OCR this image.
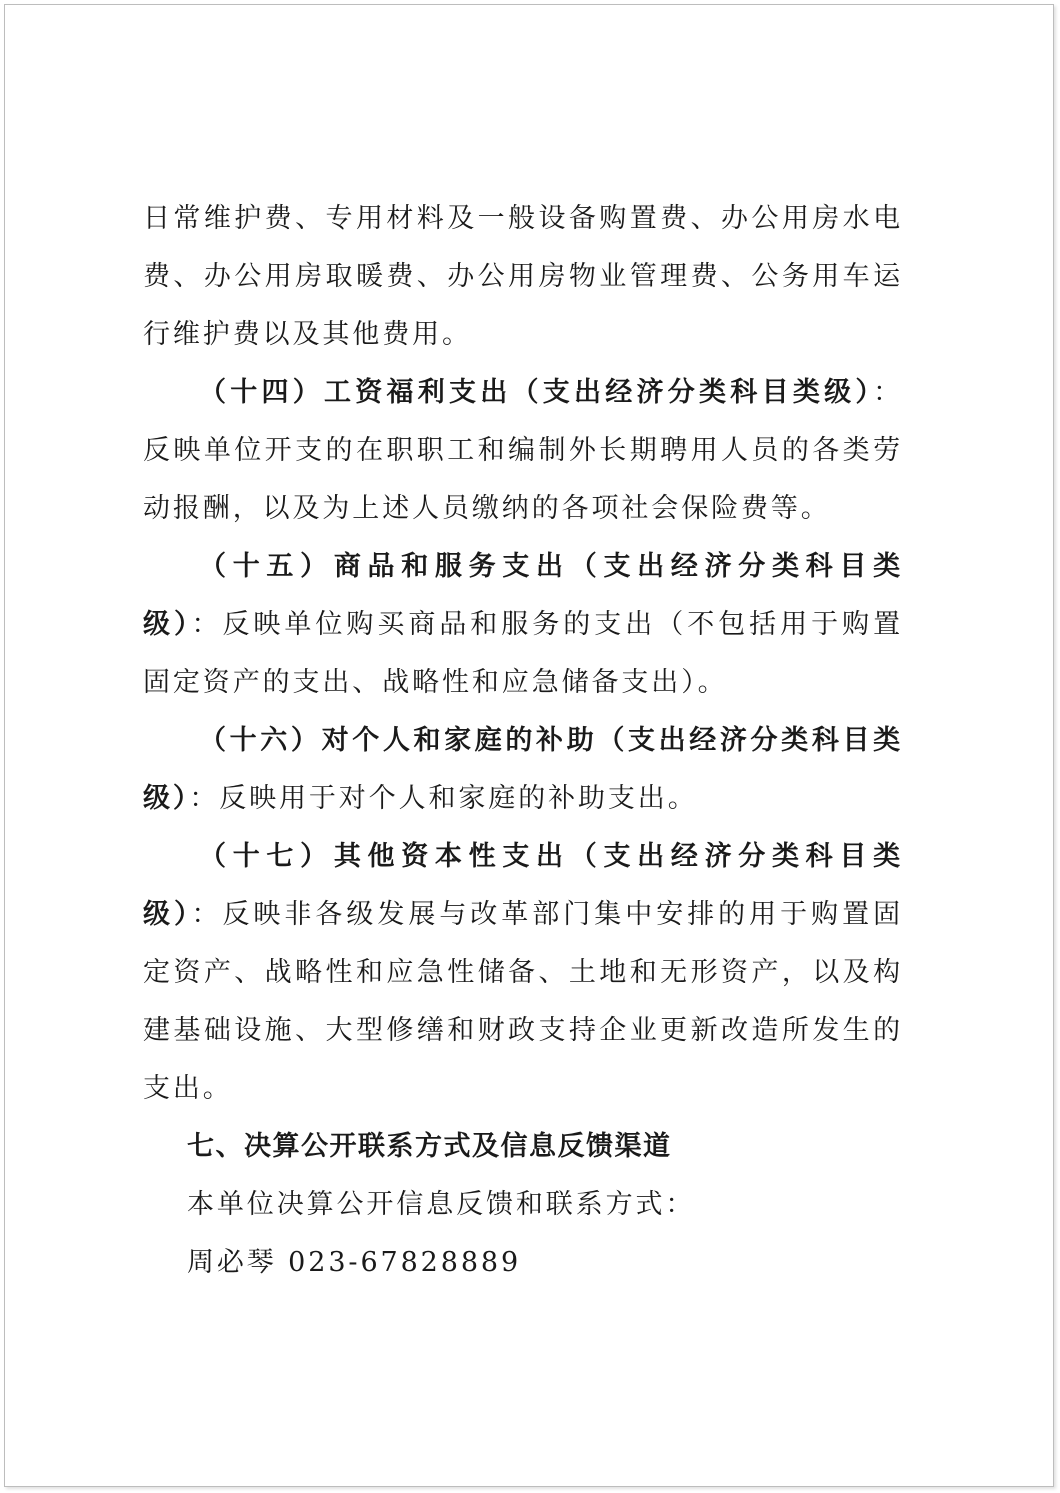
日常维护费、专用材料及一般设备购置费、办公用房水电费、办公用房取暖费、办公用房物业管理费、公务用车运行维护费以及其他费用。

（十四）工资福利支出（支出经济分类科目类级）：反映单位开支的在职职工和编制外长期聘用人员的各类劳动报酬，以及为上述人员缴纳的各项社会保险费等。

（十五）商品和服务支出（支出经济分类科目类级）：反映单位购买商品和服务的支出（不包括用于购置固定资产的支出、战略性和应急储备支出）。

（十六）对个人和家庭的补助（支出经济分类科目类级）：反映用于对个人和家庭的补助支出。

（十七）其他资本性支出（支出经济分类科目类级）：反映非各级发展与改革部门集中安排的用于购置固定资产、战略性和应急性储备、土地和无形资产，以及构建基础设施、大型修缮和财政支持企业更新改造所发生的支出。

七、决算公开联系方式及信息反馈渠道

本单位决算公开信息反馈和联系方式：

周必琴 023-67828889
